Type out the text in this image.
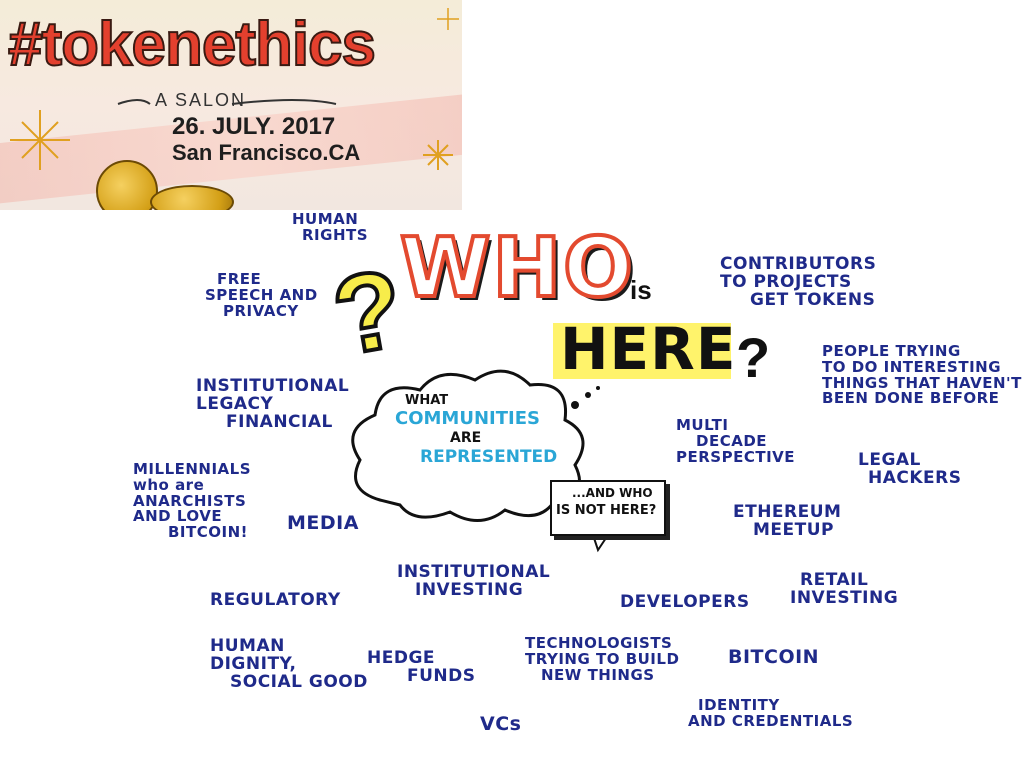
#tokenethics
A SALON
26. JULY. 2017
San Francisco.CA
?
WHO
is
HERE ?
WHAT
COMMUNITIES
ARE
REPRESENTED
...AND WHO
IS NOT HERE?
HUMAN
RIGHTS
FREE
SPEECH AND
PRIVACY
INSTITUTIONAL
LEGACY
FINANCIAL
MILLENNIALS
who are
ANARCHISTS
AND LOVE
BITCOIN! MEDIA
REGULATORY
HUMAN
DIGNITY,
SOCIAL GOOD
HEDGE
FUNDS
VCs
INSTITUTIONAL
INVESTING
TECHNOLOGISTS
TRYING TO BUILD
NEW THINGS
DEVELOPERS
IDENTITY
AND CREDENTIALS
BITCOIN
RETAIL
INVESTING
ETHEREUM
MEETUP
LEGAL
HACKERS
MULTI
DECADE
PERSPECTIVE
CONTRIBUTORS
TO PROJECTS
GET TOKENS
PEOPLE TRYING
TO DO INTERESTING
THINGS THAT HAVEN'T
BEEN DONE BEFORE
